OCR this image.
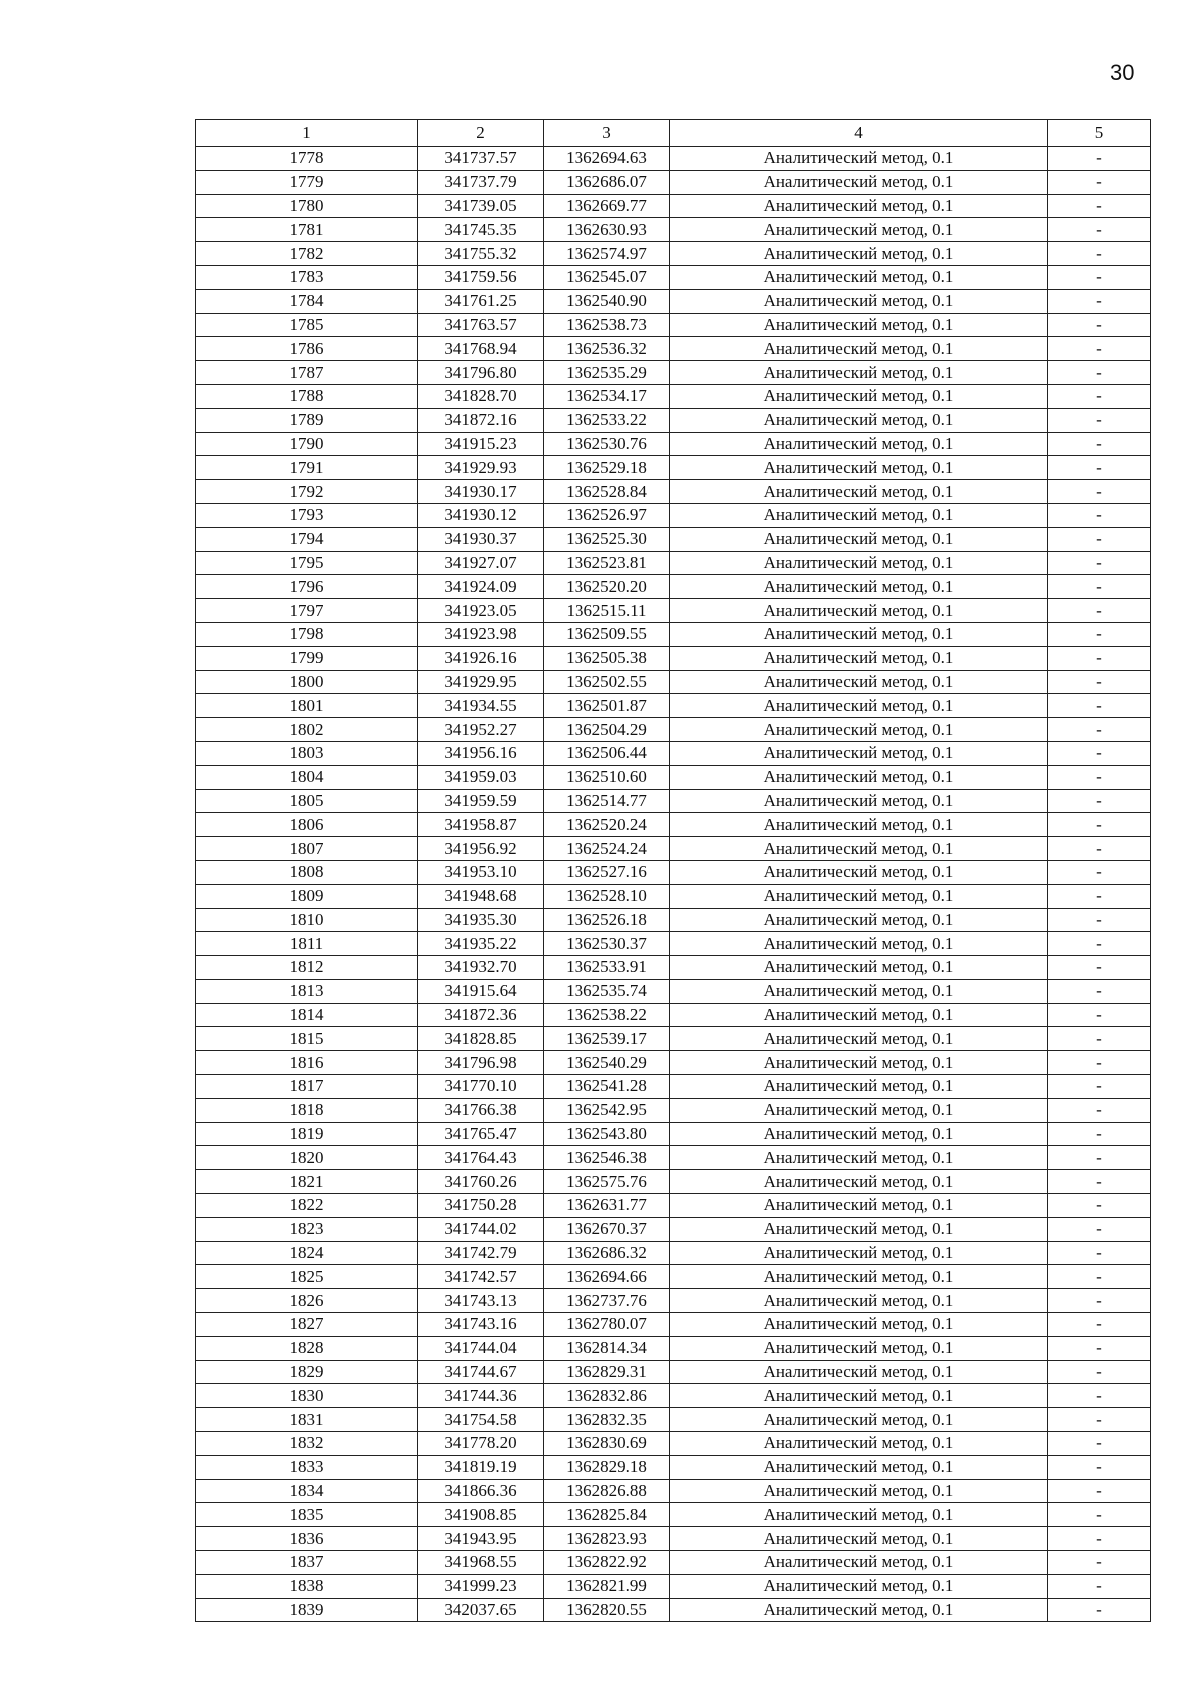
30
1	2	3	4	5
1778	341737.57	1362694.63	Аналитический метод, 0.1	-
1779	341737.79	1362686.07	Аналитический метод, 0.1	-
1780	341739.05	1362669.77	Аналитический метод, 0.1	-
1781	341745.35	1362630.93	Аналитический метод, 0.1	-
1782	341755.32	1362574.97	Аналитический метод, 0.1	-
1783	341759.56	1362545.07	Аналитический метод, 0.1	-
1784	341761.25	1362540.90	Аналитический метод, 0.1	-
1785	341763.57	1362538.73	Аналитический метод, 0.1	-
1786	341768.94	1362536.32	Аналитический метод, 0.1	-
1787	341796.80	1362535.29	Аналитический метод, 0.1	-
1788	341828.70	1362534.17	Аналитический метод, 0.1	-
1789	341872.16	1362533.22	Аналитический метод, 0.1	-
1790	341915.23	1362530.76	Аналитический метод, 0.1	-
1791	341929.93	1362529.18	Аналитический метод, 0.1	-
1792	341930.17	1362528.84	Аналитический метод, 0.1	-
1793	341930.12	1362526.97	Аналитический метод, 0.1	-
1794	341930.37	1362525.30	Аналитический метод, 0.1	-
1795	341927.07	1362523.81	Аналитический метод, 0.1	-
1796	341924.09	1362520.20	Аналитический метод, 0.1	-
1797	341923.05	1362515.11	Аналитический метод, 0.1	-
1798	341923.98	1362509.55	Аналитический метод, 0.1	-
1799	341926.16	1362505.38	Аналитический метод, 0.1	-
1800	341929.95	1362502.55	Аналитический метод, 0.1	-
1801	341934.55	1362501.87	Аналитический метод, 0.1	-
1802	341952.27	1362504.29	Аналитический метод, 0.1	-
1803	341956.16	1362506.44	Аналитический метод, 0.1	-
1804	341959.03	1362510.60	Аналитический метод, 0.1	-
1805	341959.59	1362514.77	Аналитический метод, 0.1	-
1806	341958.87	1362520.24	Аналитический метод, 0.1	-
1807	341956.92	1362524.24	Аналитический метод, 0.1	-
1808	341953.10	1362527.16	Аналитический метод, 0.1	-
1809	341948.68	1362528.10	Аналитический метод, 0.1	-
1810	341935.30	1362526.18	Аналитический метод, 0.1	-
1811	341935.22	1362530.37	Аналитический метод, 0.1	-
1812	341932.70	1362533.91	Аналитический метод, 0.1	-
1813	341915.64	1362535.74	Аналитический метод, 0.1	-
1814	341872.36	1362538.22	Аналитический метод, 0.1	-
1815	341828.85	1362539.17	Аналитический метод, 0.1	-
1816	341796.98	1362540.29	Аналитический метод, 0.1	-
1817	341770.10	1362541.28	Аналитический метод, 0.1	-
1818	341766.38	1362542.95	Аналитический метод, 0.1	-
1819	341765.47	1362543.80	Аналитический метод, 0.1	-
1820	341764.43	1362546.38	Аналитический метод, 0.1	-
1821	341760.26	1362575.76	Аналитический метод, 0.1	-
1822	341750.28	1362631.77	Аналитический метод, 0.1	-
1823	341744.02	1362670.37	Аналитический метод, 0.1	-
1824	341742.79	1362686.32	Аналитический метод, 0.1	-
1825	341742.57	1362694.66	Аналитический метод, 0.1	-
1826	341743.13	1362737.76	Аналитический метод, 0.1	-
1827	341743.16	1362780.07	Аналитический метод, 0.1	-
1828	341744.04	1362814.34	Аналитический метод, 0.1	-
1829	341744.67	1362829.31	Аналитический метод, 0.1	-
1830	341744.36	1362832.86	Аналитический метод, 0.1	-
1831	341754.58	1362832.35	Аналитический метод, 0.1	-
1832	341778.20	1362830.69	Аналитический метод, 0.1	-
1833	341819.19	1362829.18	Аналитический метод, 0.1	-
1834	341866.36	1362826.88	Аналитический метод, 0.1	-
1835	341908.85	1362825.84	Аналитический метод, 0.1	-
1836	341943.95	1362823.93	Аналитический метод, 0.1	-
1837	341968.55	1362822.92	Аналитический метод, 0.1	-
1838	341999.23	1362821.99	Аналитический метод, 0.1	-
1839	342037.65	1362820.55	Аналитический метод, 0.1	-
